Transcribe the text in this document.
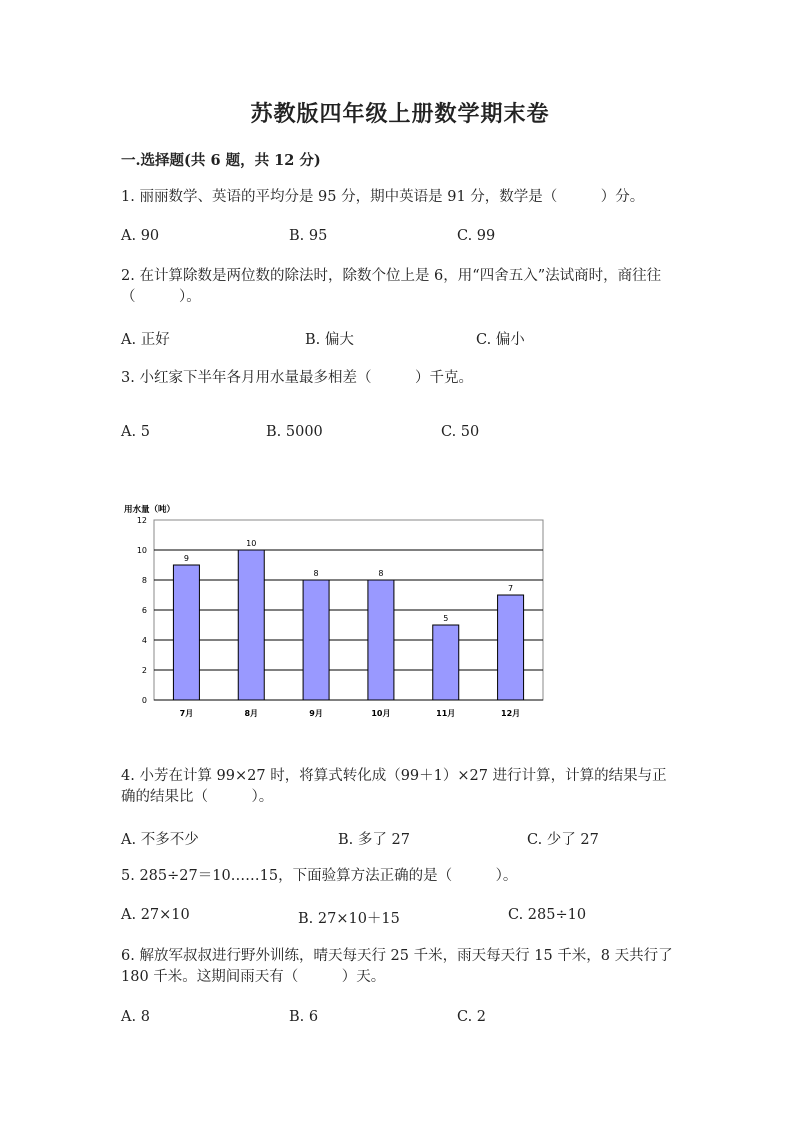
苏教版四年级上册数学期末卷
一.选择题(共 6 题，共 12 分)
1. 丽丽数学、英语的平均分是 95 分，期中英语是 91 分，数学是（　　　）分。
A. 90	B. 95	C. 99
2. 在计算除数是两位数的除法时，除数个位上是 6，用“四舍五入”法试商时，商往往（　　　）。
A. 正好	B. 偏大	C. 偏小
3. 小红家下半年各月用水量最多相差（　　　）千克。
A. 5	B. 5000	C. 50
用水量（吨）
0
2
4
6
8
10
12
9
7月
10
8月
8
9月
8
10月
5
11月
7
12月
4. 小芳在计算 99×27 时，将算式转化成（99＋1）×27 进行计算，计算的结果与正确的结果比（　　　）。
A. 不多不少	B. 多了 27	C. 少了 27
5. 285÷27＝10……15，下面验算方法正确的是（　　　）。
A. 27×10	B. 27×10＋15	C. 285÷10
6. 解放军叔叔进行野外训练，晴天每天行 25 千米，雨天每天行 15 千米，8 天共行了 180 千米。这期间雨天有（　　　）天。
A. 8	B. 6	C. 2
